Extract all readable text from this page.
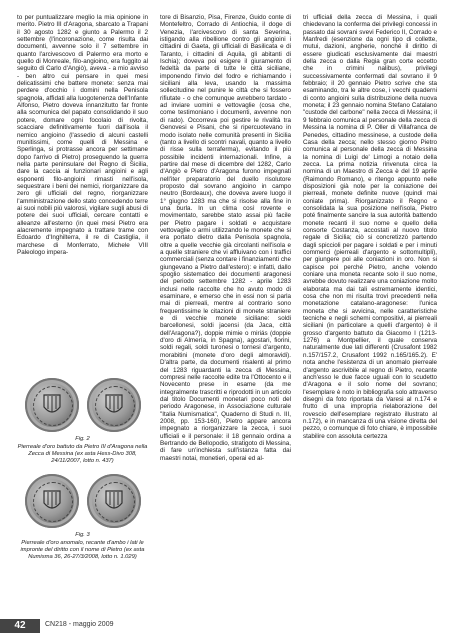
to per puntualizzare meglio la mia opinione in merito. Pietro III d'Aragona, sbarcato a Trapani il 30 agosto 1282 e giunto a Palermo il 2 settembre (l'incoronazione, come risulta dai documenti, avvenne solo il 7 settembre in quanto l'arcivescovo di Palermo era morto e quello di Monreale, filo-angioino, era fuggito al seguito di Carlo d'Angiò), aveva - a mio avviso - ben altro cui pensare in quei mesi delicatissimi che battere monete: senza mai perdere d'occhio i domini nella Penisola spagnola, affidati alla luogotenenza dell'Infante Alfonso, Pietro doveva innanzitutto far fronte alla scomunica del papato consolidando il suo potere, domare ogni focolaio di rivolta, scacciare definitivamente fuori dall'isola il nemico angioino (l'assedio di alcuni castelli munitissimi, come quelli di Messina e Sperlinga, si protrasse ancora per settimane dopo l'arrivo di Pietro) proseguendo la guerra nella parte peninsulare del Regno di Sicilia, dare la caccia ai funzionari angioini e agli esponenti filo-angioini rimasti nell'isola, sequestrare i beni dei nemici, riorganizzare da zero gli ufficiali del regno, riorganizzare l'amministrazione dello stato concedendo terre ai suoi nobili più valorosi, vigilare sugli abusi di potere dei suoi ufficiali, cercare contatti e alleanze all'esterno (in quei mesi Pietro era alacremente impegnato a trattare trame con Edoardo d'Inghilterra, il re di Castiglia, il marchese di Monferrato, Michele VIII Paleologo impera-

Fig. 2
Pierreale d'oro battuto da Pietro III d'Aragona nella Zecca di Messina (ex asta Hess-Divo 308, 24/11/2007, lotto n. 437)
Fig. 3
Pierreale d'oro anomalo, recante d'ambo i lati le impronte del diritto con il nome di Pietro (ex asta Numisma 36, 26-27/3/2008, lotto n. 1.029)

tore di Bisanzio, Pisa, Firenze, Guido conte di Montefeltro, Corrado di Antiochia, il doge di Venezia, l'arcivescovo di santa Severina, istigando alla ribellione contro gli angioini i cittadini di Gaeta, gli ufficiali di Basilicata e di Taranto, i cittadini di Aquila, gli abitanti di Ischia); doveva poi esigere il giuramento di fedeltà da parte di tutte le città siciliane, imponendo l'invio del fodro e richiamando i siciliani alla leva, usando la massima sollecitudine nel punire le città che si fossero rifiutate - o che comunque avrebbero tardato - ad inviare uomini e vettovaglie (cosa che, come testimoniano i documenti, avvenne non di rado). Occorreva poi gestire le rivalità tra Genovesi e Pisani, che si ripercuotevano in modo isolato nelle comunità presenti in Sicilia (tanto a livello di scontri navali, quanto a livello di risse sulla terraferma), evitando il più possibile incidenti internazionali. Infine, a partire dal mese di dicembre del 1282, Carlo d'Angiò e Pietro d'Aragona furono impegnati nell'iter preparatorio del duello risolutore proposto dal sovrano angioino in campo neutro (Bordeaux), che doveva avere luogo il 1° giugno 1283 ma che si risolse alla fine in una burla. In un clima così rovente e movimentato, sarebbe stato assai più facile per Pietro pagare i soldati e acquistare vettovaglie o armi utilizzando le monete che si era portato dietro dalla Penisola spagnola, oltre a quelle vecchie già circolanti nell'isola e a quelle straniere che vi affluivano con i traffici commerciali (senza contare i finanziamenti che giungevano a Pietro dall'estero): e infatti, dallo spoglio sistematico dei documenti aragonesi del periodo settembre 1282 - aprile 1283 inclusi nelle raccolte che ho avuto modo di esaminare, e emerso che in essi non si parla mai di pierreali, mentre al contrario sono frequentissime le citazioni di monete straniere e di vecchie monete siciliane: soldi barcellonesi, soldi jacensi (da Jaca, città dell'Aragona?), doppie mimie o miriás (doppie d'oro di Almería, in Spagna), agostari, fiorini, soldi regali, soldi turonesi o tornesi d'argento, morabitini (monete d'oro degli almoravidi). D'altra parte, da documenti risalenti al primo del 1283 riguardanti la zecca di Messina, compresi nelle raccolte edite tra l'Ottocento e il Novecento prese in esame (da me integralmente trascritti e riprodotti in un articolo dal titolo Documenti monetari poco noti del periodo Aragonese, in Associazione culturale "Italia Numismatica", Quaderno di Studi n. III, 2008, pp. 153-160), Pietro appare ancora impegnato a riorganizzare la zecca, i suoi ufficiali e il personale: il 18 gennaio ordina a Bertrando de Bellopodio, stratigoto di Messina, di fare un'inchiesta sull'istanza fatta dai maestri notai, monetieri, operai ed al-

tri ufficiali della zecca di Messina, i quali chiedevano la conferma dei privilegi concessi in passato dai sovrani svevi Federico II, Corrado e Manfredi (esenzione da ogni tipo di collette, mutui, dazioni, angherie, nonché il diritto di essere giudicati esclusivamente dai maestri della zecca o dalla Regia gran corte eccetto che in crimini nalibus), privilegi successivamente confermati dal sovrano il 9 febbraio; il 20 gennaio Pietro scrive che sta esaminando, tra le altre cose, i vecchi quaderni di conto angioini sulla distribuzione della nuova moneta; il 23 gennaio nomina Stefano Catalano "custode del carbone" nella zecca di Messina; il 9 febbraio comunica al personale della zecca di Messina la nomina di P. Oller di Villafranca de Penedes, cittadino messinese, a custode della Casa della zecca; nello stesso giorno Pietro comunica al personale della zecca di Messina la nomina di Luigi de' Limogi a notaio della zecca. La prima notizia rinvenuta circa la nomina di un Maestro di Zecca è del 19 aprile (Raimondo Romano), e ritengo appunto nelle disposizioni già note per la coniazione dei pierreali, monete definite nuove (quindi mai coniate prima). Riorganizzato il Regno e consolidata la sua posizione nell'isola, Pietro poté finalmente sancire la sua autorità battendo monete recanti il suo nome e quello della consorte Costanza, accostati al nuovo titolo regale di Sicilia; ciò si concretizzò partendo dagli spiccioli per pagare i soldati e per i minuti commerci (pierreali d'argento e sottomultipli), per giungere poi alle coniazioni in oro. Non si capisce poi perché Pietro, anche volendo coniare una moneta recante solo il suo nome, avrebbe dovuto realizzare una coniazione molto elaborata ma dai tali estremamente identici, cosa che non mi risulta trovi precedenti nella monetazione catalano-aragonese: l'unica moneta che si avvicina, nelle caratteristiche tecniche e negli schemi compositivi, ai pierreali siciliani (in particolare a quelli d'argento) è il grosso d'argento battuto da Giacomo I (1213-1276) a Montpellier, il quale conserva naturalmente due lati differenti (Crusafont 1982 n.157/157.2, Crusafont 1992 n.165/165.2). E' nota anche l'esistenza di un anomalo pierreale d'argento ascrivibile al regno di Pietro, recante anch'esso le due facce uguali con lo scudetto d'Aragona e il solo nome del sovrano; l'esemplare è noto in bibliografia solo attraverso disegni da foto riportata da Varesi al n.174 e frutto di una impropria rielaborazione del rovescio dell'esemplare registrato illustrato al n.172), e in mancanza di una visione diretta del pezzo, o comunque di foto chiare, è impossibile stabilire con assoluta certezza

42	CN218 - maggio 2009
